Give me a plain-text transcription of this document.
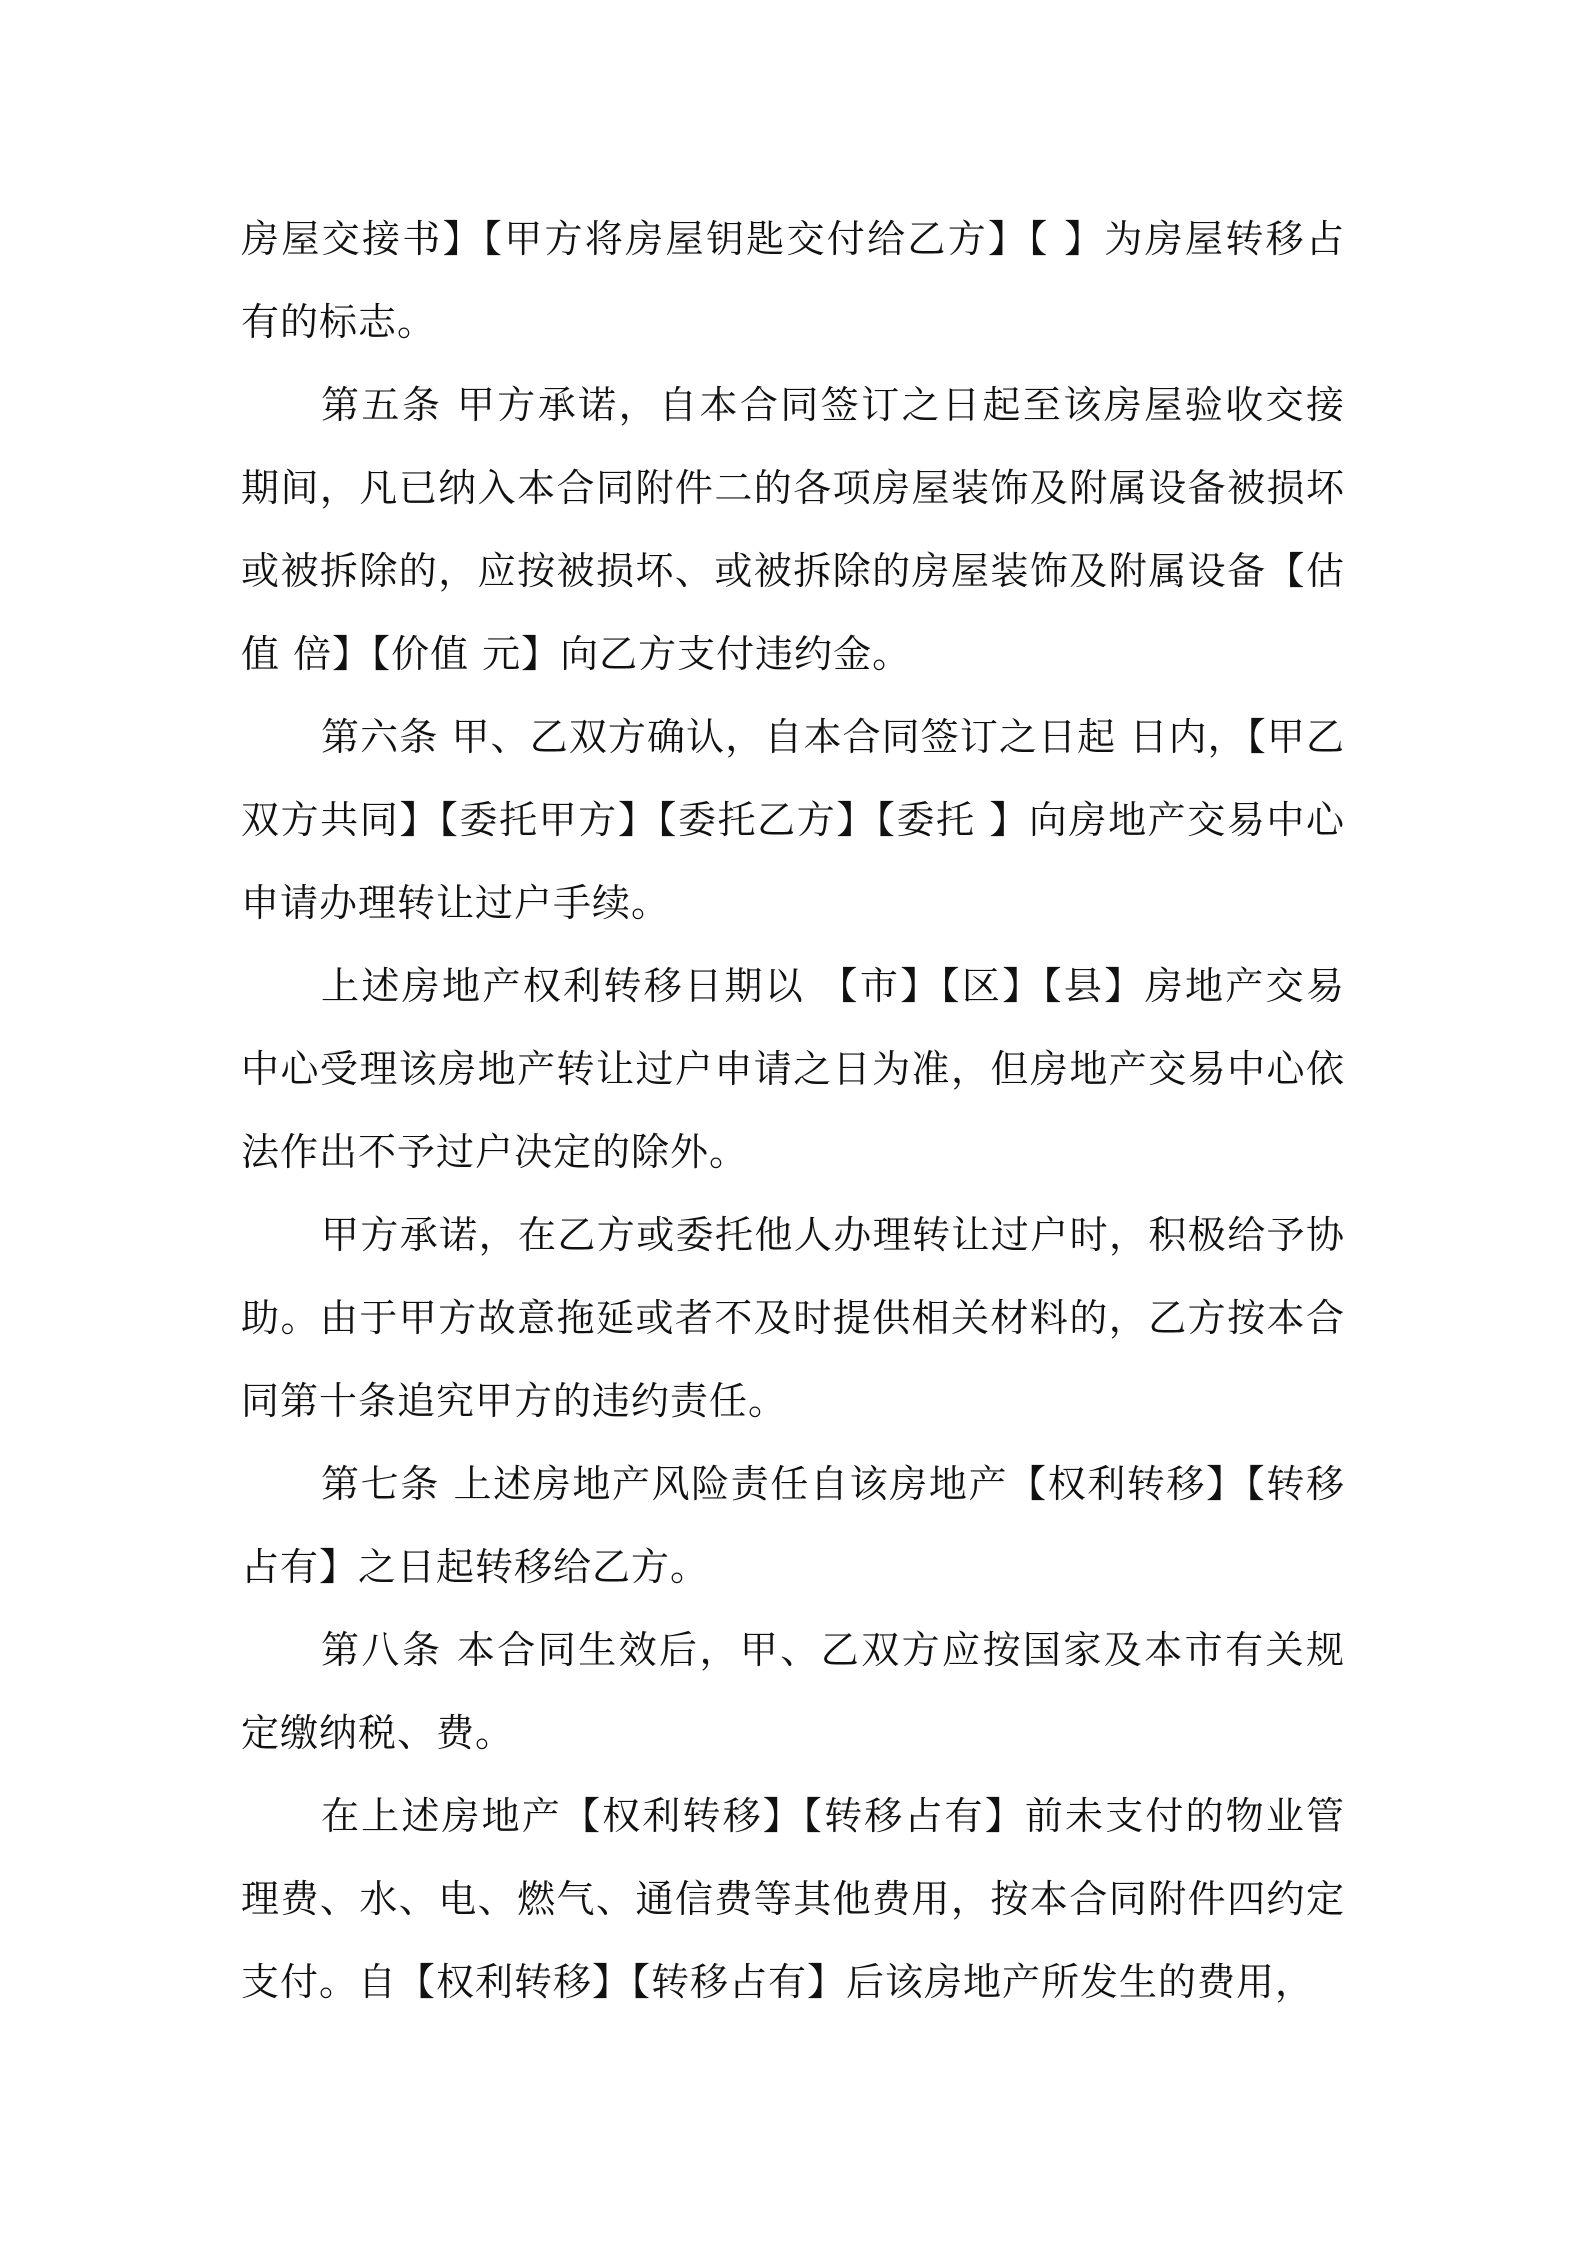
房屋交接书】【甲方将房屋钥匙交付给乙方】【 】为房屋转移占有的标志。

第五条 甲方承诺，自本合同签订之日起至该房屋验收交接期间，凡已纳入本合同附件二的各项房屋装饰及附属设备被损坏或被拆除的，应按被损坏、或被拆除的房屋装饰及附属设备【估值 倍】【价值 元】向乙方支付违约金。

第六条 甲、乙双方确认，自本合同签订之日起 日内，【甲乙双方共同】【委托甲方】【委托乙方】【委托 】向房地产交易中心申请办理转让过户手续。

上述房地产权利转移日期以 【市】【区】【县】房地产交易中心受理该房地产转让过户申请之日为准，但房地产交易中心依法作出不予过户决定的除外。

甲方承诺，在乙方或委托他人办理转让过户时，积极给予协助。由于甲方故意拖延或者不及时提供相关材料的，乙方按本合同第十条追究甲方的违约责任。

第七条 上述房地产风险责任自该房地产【权利转移】【转移占有】之日起转移给乙方。

第八条 本合同生效后，甲、乙双方应按国家及本市有关规定缴纳税、费。

在上述房地产【权利转移】【转移占有】前未支付的物业管理费、水、电、燃气、通信费等其他费用，按本合同附件四约定支付。自【权利转移】【转移占有】后该房地产所发生的费用，
